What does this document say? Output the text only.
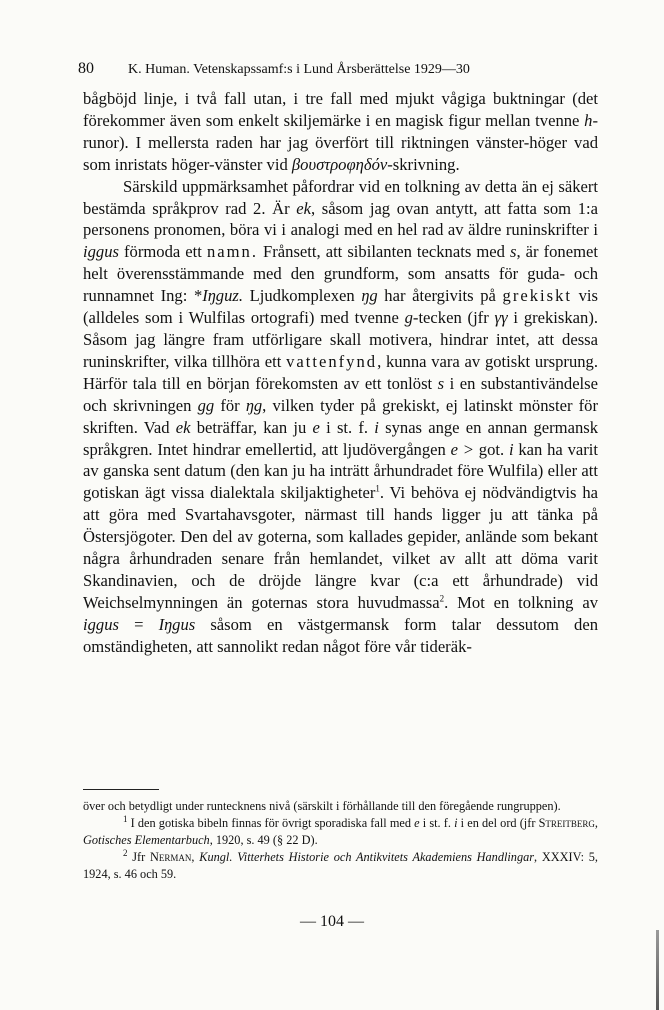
80 K. Human. Vetenskapssamf:s i Lund Årsberättelse 1929—30

bågböjd linje, i två fall utan, i tre fall med mjukt vågiga buktningar (det förekommer även som enkelt skiljemärke i en magisk figur mellan tvenne h-runor). I mellersta raden har jag överfört till riktningen vänster-höger vad som inristats höger-vänster vid βουστροφηδόν-skrivning.

Särskild uppmärksamhet påfordrar vid en tolkning av detta än ej säkert bestämda språkprov rad 2. Är ek, såsom jag ovan antytt, att fatta som 1:a personens pronomen, böra vi i analogi med en hel rad av äldre runinskrifter i iggus förmoda ett namn. Frånsett, att sibilanten tecknats med s, är fonemet helt överensstämmande med den grundform, som ansatts för guda- och runnamnet Ing: *Iŋguz. Ljudkomplexen ŋg har återgivits på grekiskt vis (alldeles som i Wulfilas ortografi) med tvenne g-tecken (jfr γγ i grekiskan). Såsom jag längre fram utförligare skall motivera, hindrar intet, att dessa runinskrifter, vilka tillhöra ett vattenfynd, kunna vara av gotiskt ursprung. Härför tala till en början förekomsten av ett tonlöst s i en substantivändelse och skrivningen gg för ŋg, vilken tyder på grekiskt, ej latinskt mönster för skriften. Vad ek beträffar, kan ju e i st. f. i synas ange en annan germansk språkgren. Intet hindrar emellertid, att ljudövergången e > got. i kan ha varit av ganska sent datum (den kan ju ha inträtt århundradet före Wulfila) eller att gotiskan ägt vissa dialektala skiljaktigheter$^1$. Vi behöva ej nödvändigtvis ha att göra med Svartahavsgoter, närmast till hands ligger ju att tänka på Östersjögoter. Den del av goterna, som kallades gepider, anlände som bekant några århundraden senare från hemlandet, vilket av allt att döma varit Skandinavien, och de dröjde längre kvar (c:a ett århundrade) vid Weichselmynningen än goternas stora huvudmassa$^2$. Mot en tolkning av iggus = Iŋgus såsom en västgermansk form talar dessutom den omständigheten, att sannolikt redan något före vår tideräk-

över och betydligt under runtecknens nivå (särskilt i förhållande till den föregående rungruppen).

$^1$ I den gotiska bibeln finnas för övrigt sporadiska fall med e i st. f. i i en del ord (jfr Streitberg, Gotisches Elementarbuch, 1920, s. 49 (§ 22 D).

$^2$ Jfr Nerman, Kungl. Vitterhets Historie och Antikvitets Akademiens Handlingar, XXXIV: 5, 1924, s. 46 och 59.

— 104 —
